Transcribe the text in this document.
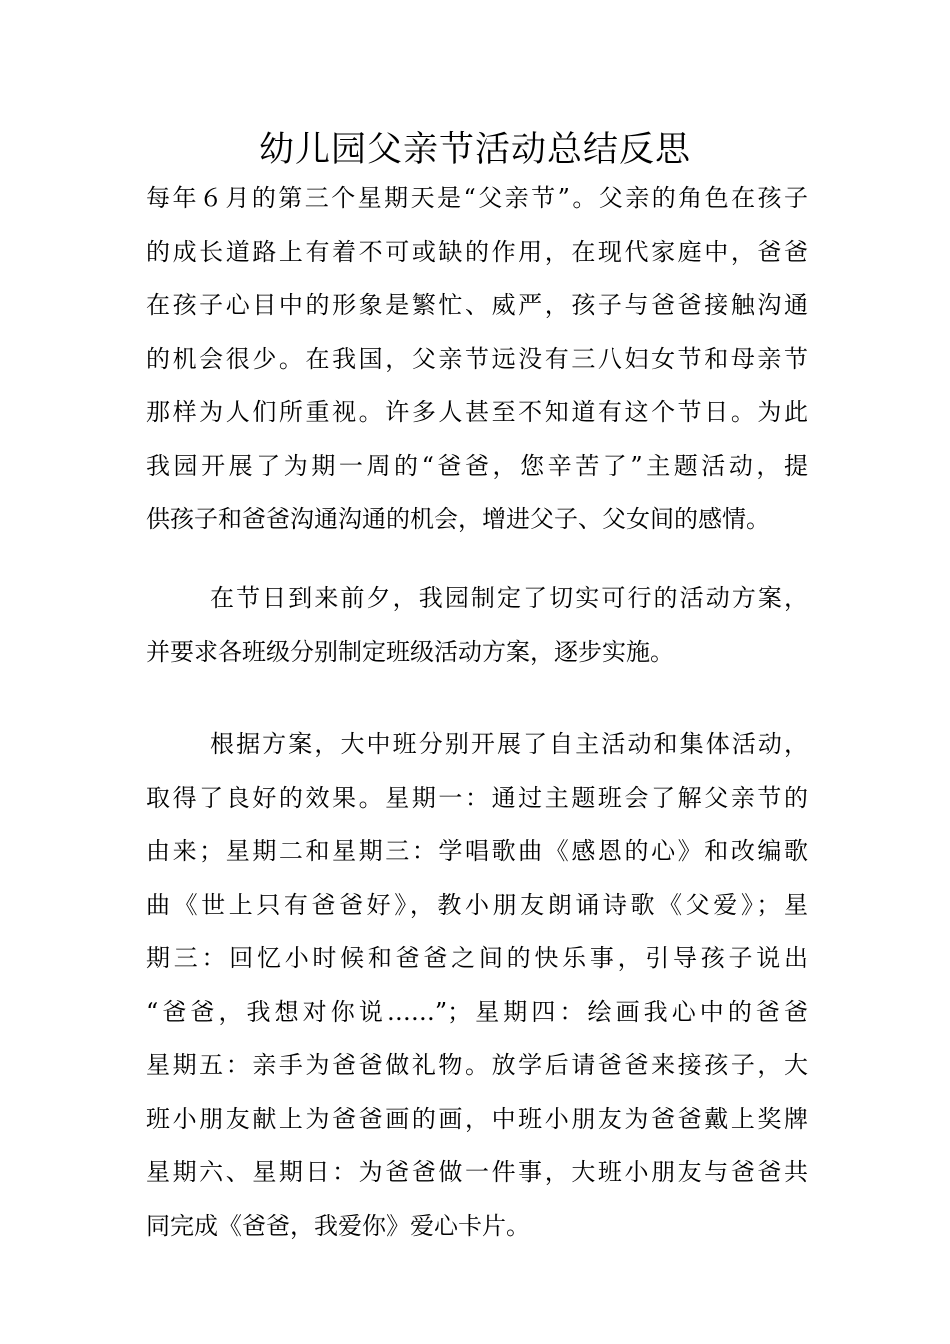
幼儿园父亲节活动总结反思
每年６月的第三个星期天是“父亲节”。父亲的角色在孩子
的成长道路上有着不可或缺的作用，在现代家庭中，爸爸
在孩子心目中的形象是繁忙、威严，孩子与爸爸接触沟通
的机会很少。在我国，父亲节远没有三八妇女节和母亲节
那样为人们所重视。许多人甚至不知道有这个节日。为此
我园开展了为期一周的“爸爸，您辛苦了”主题活动，提
供孩子和爸爸沟通沟通的机会，增进父子、父女间的感情。
在节日到来前夕，我园制定了切实可行的活动方案，
并要求各班级分别制定班级活动方案，逐步实施。
根据方案，大中班分别开展了自主活动和集体活动，
取得了良好的效果。星期一：通过主题班会了解父亲节的
由来；星期二和星期三：学唱歌曲《感恩的心》和改编歌
曲《世上只有爸爸好》，教小朋友朗诵诗歌《父爱》；星
期三：回忆小时候和爸爸之间的快乐事，引导孩子说出
“爸爸，我想对你说……”；星期四：绘画我心中的爸爸
星期五：亲手为爸爸做礼物。放学后请爸爸来接孩子，大
班小朋友献上为爸爸画的画，中班小朋友为爸爸戴上奖牌
星期六、星期日：为爸爸做一件事，大班小朋友与爸爸共
同完成《爸爸，我爱你》爱心卡片。
